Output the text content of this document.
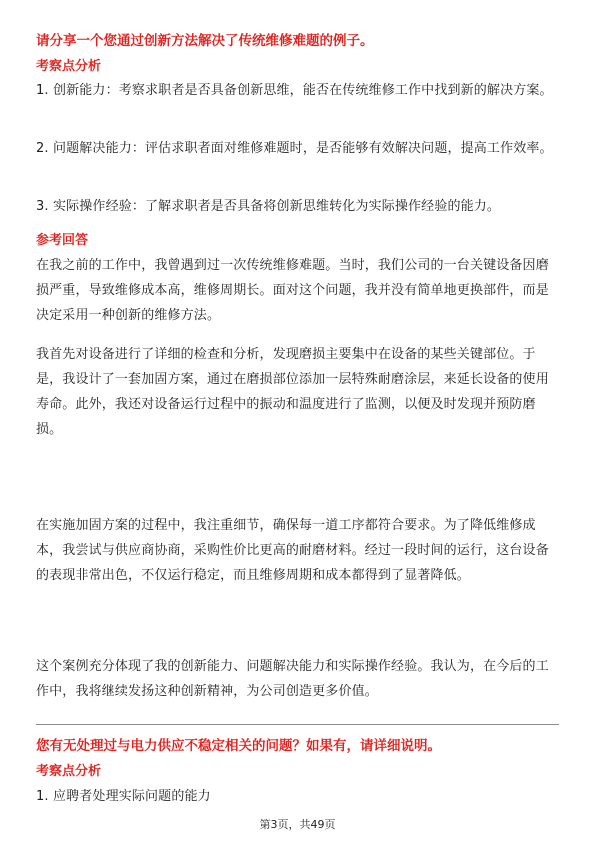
请分享一个您通过创新方法解决了传统维修难题的例子。

考察点分析

1. 创新能力：考察求职者是否具备创新思维，能否在传统维修工作中找到新的解决方案。

2. 问题解决能力：评估求职者面对维修难题时，是否能够有效解决问题，提高工作效率。

3. 实际操作经验：了解求职者是否具备将创新思维转化为实际操作经验的能力。

参考回答

在我之前的工作中，我曾遇到过一次传统维修难题。当时，我们公司的一台关键设备因磨损严重，导致维修成本高，维修周期长。面对这个问题，我并没有简单地更换部件，而是决定采用一种创新的维修方法。

我首先对设备进行了详细的检查和分析，发现磨损主要集中在设备的某些关键部位。于是，我设计了一套加固方案，通过在磨损部位添加一层特殊耐磨涂层，来延长设备的使用寿命。此外，我还对设备运行过程中的振动和温度进行了监测，以便及时发现并预防磨损。

在实施加固方案的过程中，我注重细节，确保每一道工序都符合要求。为了降低维修成本，我尝试与供应商协商，采购性价比更高的耐磨材料。经过一段时间的运行，这台设备的表现非常出色，不仅运行稳定，而且维修周期和成本都得到了显著降低。

这个案例充分体现了我的创新能力、问题解决能力和实际操作经验。我认为，在今后的工作中，我将继续发扬这种创新精神，为公司创造更多价值。

您有无处理过与电力供应不稳定相关的问题？如果有，请详细说明。

考察点分析

1. 应聘者处理实际问题的能力

第3页，共49页
